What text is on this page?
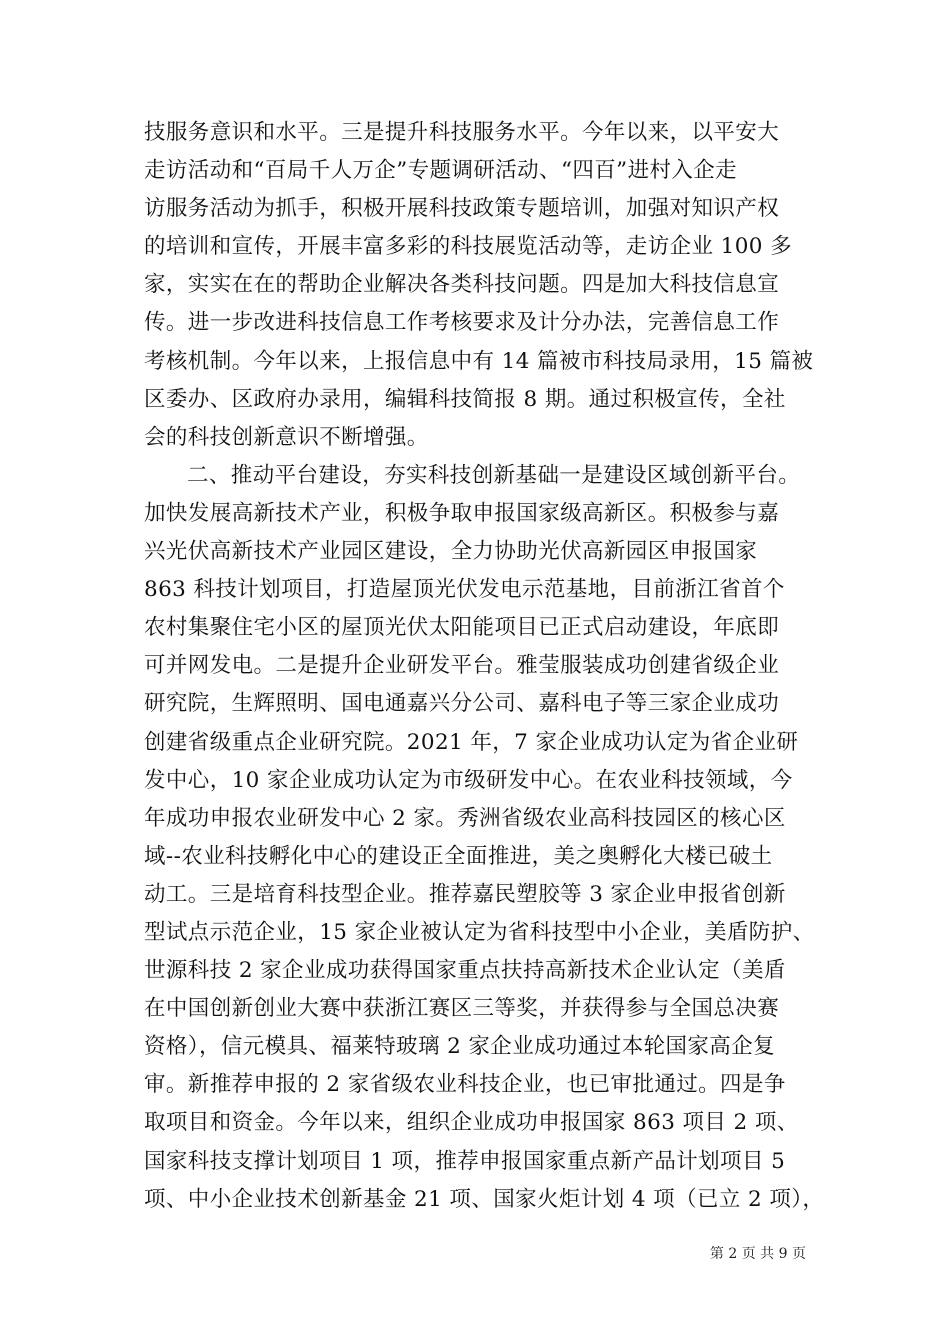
技服务意识和水平。三是提升科技服务水平。今年以来，以平安大
走访活动和“百局千人万企”专题调研活动、“四百”进村入企走
访服务活动为抓手，积极开展科技政策专题培训，加强对知识产权
的培训和宣传，开展丰富多彩的科技展览活动等，走访企业 100 多
家，实实在在的帮助企业解决各类科技问题。四是加大科技信息宣
传。进一步改进科技信息工作考核要求及计分办法，完善信息工作
考核机制。今年以来，上报信息中有 14 篇被市科技局录用，15 篇被
区委办、区政府办录用，编辑科技简报 8 期。通过积极宣传，全社
会的科技创新意识不断增强。
二、推动平台建设，夯实科技创新基础一是建设区域创新平台。
加快发展高新技术产业，积极争取申报国家级高新区。积极参与嘉
兴光伏高新技术产业园区建设，全力协助光伏高新园区申报国家
863 科技计划项目，打造屋顶光伏发电示范基地，目前浙江省首个
农村集聚住宅小区的屋顶光伏太阳能项目已正式启动建设，年底即
可并网发电。二是提升企业研发平台。雅莹服装成功创建省级企业
研究院，生辉照明、国电通嘉兴分公司、嘉科电子等三家企业成功
创建省级重点企业研究院。2021 年，7 家企业成功认定为省企业研
发中心，10 家企业成功认定为市级研发中心。在农业科技领域，今
年成功申报农业研发中心 2 家。秀洲省级农业高科技园区的核心区
域--农业科技孵化中心的建设正全面推进，美之奥孵化大楼已破土
动工。三是培育科技型企业。推荐嘉民塑胶等 3 家企业申报省创新
型试点示范企业，15 家企业被认定为省科技型中小企业，美盾防护、
世源科技 2 家企业成功获得国家重点扶持高新技术企业认定（美盾
在中国创新创业大赛中获浙江赛区三等奖，并获得参与全国总决赛
资格），信元模具、福莱特玻璃 2 家企业成功通过本轮国家高企复
审。新推荐申报的 2 家省级农业科技企业，也已审批通过。四是争
取项目和资金。今年以来，组织企业成功申报国家 863 项目 2 项、
国家科技支撑计划项目 1 项，推荐申报国家重点新产品计划项目 5
项、中小企业技术创新基金 21 项、国家火炬计划 4 项（已立 2 项），
第 2 页 共 9 页
